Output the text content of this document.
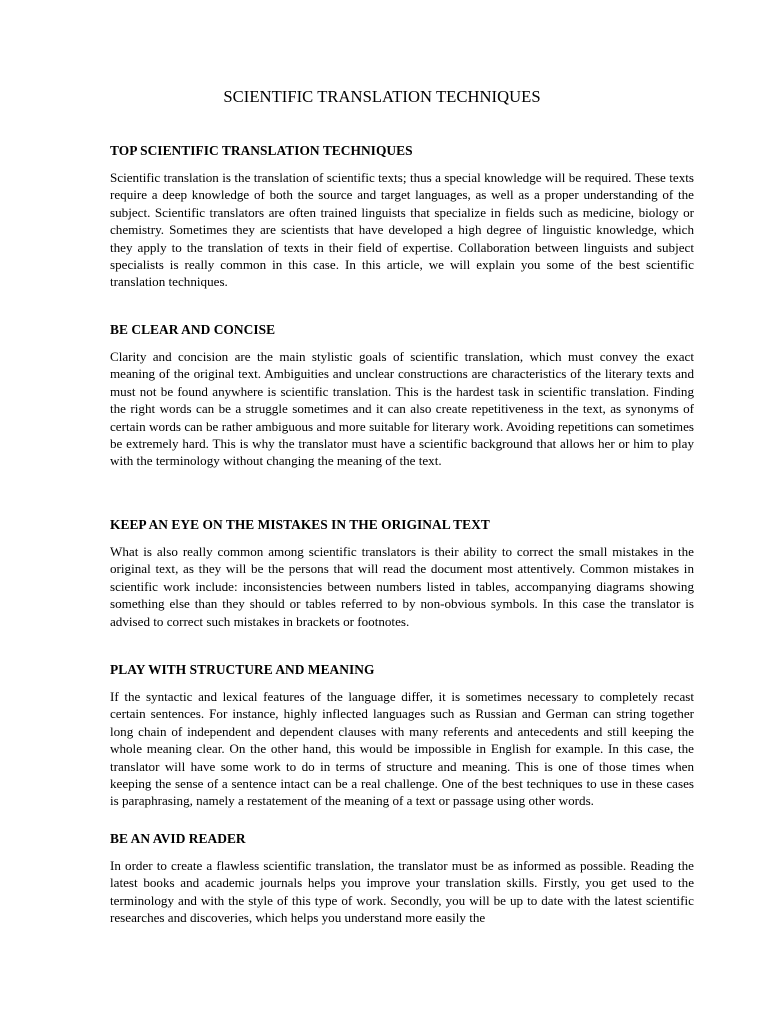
SCIENTIFIC TRANSLATION TECHNIQUES
TOP SCIENTIFIC TRANSLATION TECHNIQUES

Scientific translation is the translation of scientific texts; thus a special knowledge will be required. These texts require a deep knowledge of both the source and target languages, as well as a proper understanding of the subject. Scientific translators are often trained linguists that specialize in fields such as medicine, biology or chemistry. Sometimes they are scientists that have developed a high degree of linguistic knowledge, which they apply to the translation of texts in their field of expertise. Collaboration between linguists and subject specialists is really common in this case. In this article, we will explain you some of the best scientific translation techniques.

BE CLEAR AND CONCISE

Clarity and concision are the main stylistic goals of scientific translation, which must convey the exact meaning of the original text. Ambiguities and unclear constructions are characteristics of the literary texts and must not be found anywhere is scientific translation. This is the hardest task in scientific translation. Finding the right words can be a struggle sometimes and it can also create repetitiveness in the text, as synonyms of certain words can be rather ambiguous and more suitable for literary work. Avoiding repetitions can sometimes be extremely hard. This is why the translator must have a scientific background that allows her or him to play with the terminology without changing the meaning of the text.

KEEP AN EYE ON THE MISTAKES IN THE ORIGINAL TEXT

What is also really common among scientific translators is their ability to correct the small mistakes in the original text, as they will be the persons that will read the document most attentively. Common mistakes in scientific work include: inconsistencies between numbers listed in tables, accompanying diagrams showing something else than they should or tables referred to by non-obvious symbols. In this case the translator is advised to correct such mistakes in brackets or footnotes.

PLAY WITH STRUCTURE AND MEANING

If the syntactic and lexical features of the language differ, it is sometimes necessary to completely recast certain sentences. For instance, highly inflected languages such as Russian and German can string together long chain of independent and dependent clauses with many referents and antecedents and still keeping the whole meaning clear. On the other hand, this would be impossible in English for example. In this case, the translator will have some work to do in terms of structure and meaning. This is one of those times when keeping the sense of a sentence intact can be a real challenge. One of the best techniques to use in these cases is paraphrasing, namely a restatement of the meaning of a text or passage using other words.

BE AN AVID READER

In order to create a flawless scientific translation, the translator must be as informed as possible. Reading the latest books and academic journals helps you improve your translation skills. Firstly, you get used to the terminology and with the style of this type of work. Secondly, you will be up to date with the latest scientific researches and discoveries, which helps you understand more easily the
